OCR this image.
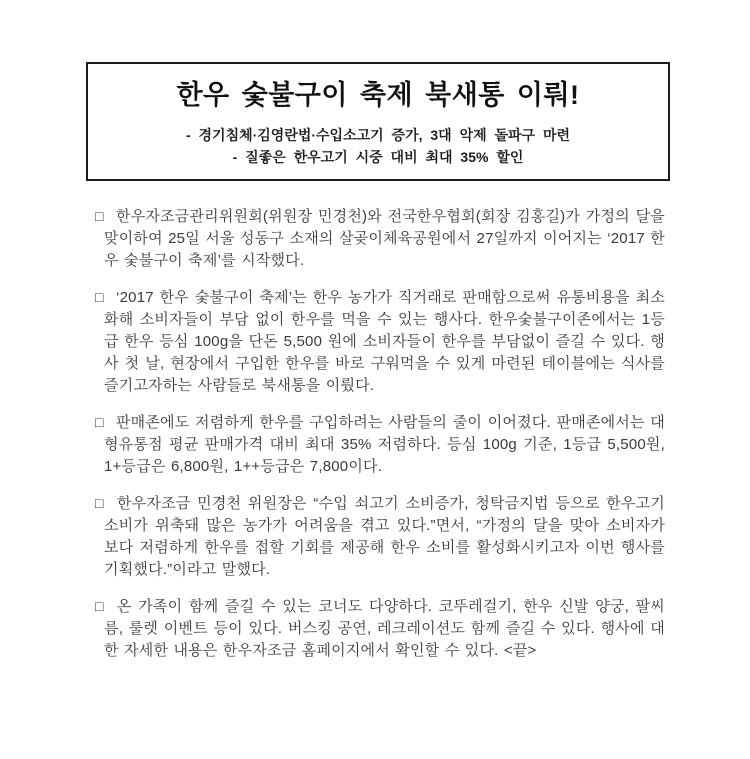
한우 숯불구이 축제 북새통 이뤄!
- 경기침체·김영란법·수입소고기 증가, 3대 악제 돌파구 마련
- 질좋은 한우고기 시중 대비 최대 35% 할인

□ 한우자조금관리위원회(위원장 민경천)와 전국한우협회(회장 김홍길)가 가정의 달을 맞이하여 25일 서울 성동구 소재의 살곶이체육공원에서 27일까지 이어지는 ‘2017 한우 숯불구이 축제’를 시작했다.

□ ‘2017 한우 숯불구이 축제’는 한우 농가가 직거래로 판매함으로써 유통비용을 최소화해 소비자들이 부담 없이 한우를 먹을 수 있는 행사다. 한우숯불구이존에서는 1등급 한우 등심 100g을 단돈 5,500 원에 소비자들이 한우를 부담없이 즐길 수 있다. 행사 첫 날, 현장에서 구입한 한우를 바로 구워먹을 수 있게 마련된 테이블에는 식사를 즐기고자하는 사람들로 북새통을 이뤘다.

□ 판매존에도 저렴하게 한우를 구입하려는 사람들의 줄이 이어졌다. 판매존에서는 대형유통점 평균 판매가격 대비 최대 35% 저렴하다. 등심 100g 기준, 1등급 5,500원, 1+등급은 6,800원, 1++등급은 7,800이다.

□ 한우자조금 민경천 위원장은 “수입 쇠고기 소비증가, 청탁금지법 등으로 한우고기 소비가 위축돼 많은 농가가 어려움을 겪고 있다.”면서, “가정의 달을 맞아 소비자가 보다 저렴하게 한우를 접할 기회를 제공해 한우 소비를 활성화시키고자 이번 행사를 기획했다.”이라고 말했다.

□ 온 가족이 함께 즐길 수 있는 코너도 다양하다. 코뚜레걸기, 한우 신발 양궁, 팔씨름, 룰렛 이벤트 등이 있다. 버스킹 공연, 레크레이션도 함께 즐길 수 있다. 행사에 대한 자세한 내용은 한우자조금 홈페이지에서 확인할 수 있다. <끝>
